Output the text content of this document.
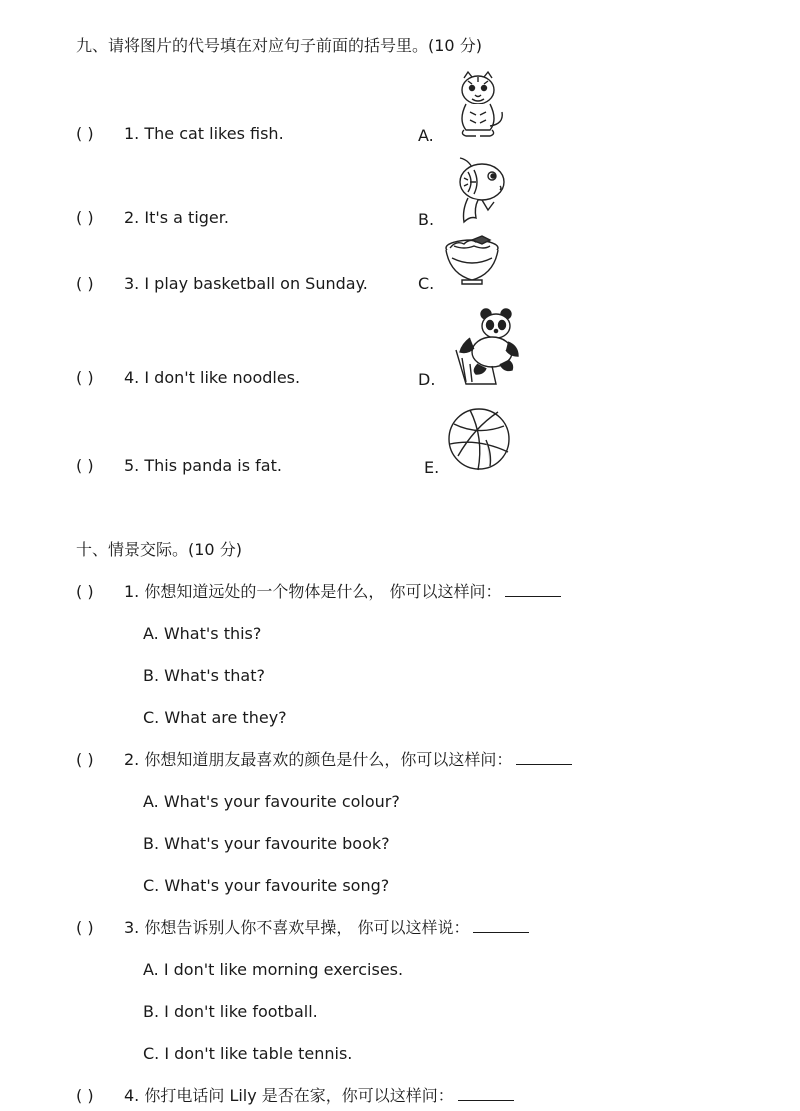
九、请将图片的代号填在对应句子前面的括号里。(10 分)
( ) 1. The cat likes fish.	A.
( ) 2. It's a tiger.	B.
( ) 3. I play basketball on Sunday.	C.
( ) 4. I don't like noodles.	D.
( ) 5. This panda is fat.	E.
十、情景交际。(10 分)
( ) 1. 你想知道远处的一个物体是什么， 你可以这样问：
A. What's this?
B. What's that?
C. What are they?
( ) 2. 你想知道朋友最喜欢的颜色是什么，你可以这样问：
A. What's your favourite colour?
B. What's your favourite book?
C. What's your favourite song?
( ) 3. 你想告诉别人你不喜欢早操， 你可以这样说：
A. I don't like morning exercises.
B. I don't like football.
C. I don't like table tennis.
( ) 4. 你打电话问 Lily 是否在家，你可以这样问：
